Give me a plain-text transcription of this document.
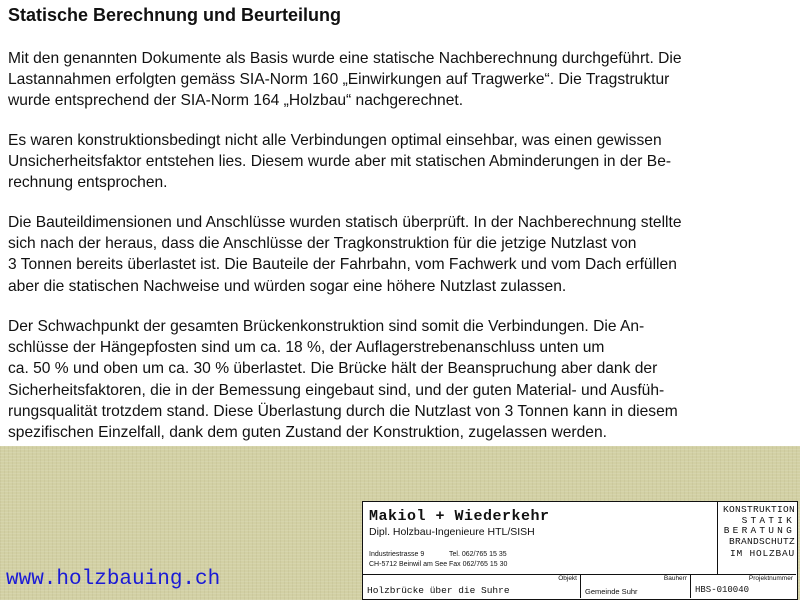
Statische Berechnung und Beurteilung

Mit den genannten Dokumente als Basis wurde eine statische Nachberechnung durchgeführt. Die
Lastannahmen erfolgten gemäss SIA-Norm 160 „Einwirkungen auf Tragwerke“. Die Tragstruktur
wurde entsprechend der SIA-Norm 164 „Holzbau“ nachgerechnet.

Es waren konstruktionsbedingt nicht alle Verbindungen optimal einsehbar, was einen gewissen
Unsicherheitsfaktor entstehen lies. Diesem wurde aber mit statischen Abminderungen in der Be-
rechnung entsprochen.

Die Bauteildimensionen und Anschlüsse wurden statisch überprüft. In der Nachberechnung stellte
sich nach der heraus, dass die Anschlüsse der Tragkonstruktion für die jetzige Nutzlast von
3 Tonnen bereits überlastet ist. Die Bauteile der Fahrbahn, vom Fachwerk und vom Dach erfüllen
aber die statischen Nachweise und würden sogar eine höhere Nutzlast zulassen.

Der Schwachpunkt der gesamten Brückenkonstruktion sind somit die Verbindungen. Die An-
schlüsse der Hängepfosten sind um ca. 18 %, der Auflagerstrebenanschluss unten um
ca. 50 % und oben um ca. 30 % überlastet. Die Brücke hält der Beanspruchung aber dank der
Sicherheitsfaktoren, die in der Bemessung eingebaut sind, und der guten Material- und Ausfüh-
rungsqualität trotzdem stand. Diese Überlastung durch die Nutzlast von 3 Tonnen kann in diesem
spezifischen Einzelfall, dank dem guten Zustand der Konstruktion, zugelassen werden.

www.holzbauing.ch
Makiol + Wiederkehr
Dipl. Holzbau-Ingenieure HTL/SISH
Industriestrasse 9
CH-5712 Beinwil am See
Tel. 062/765 15 35
Fax 062/765 15 30
KONSTRUKTION
STATIK
BERATUNG
BRANDSCHUTZ
IM HOLZBAU
Objekt
Holzbrücke über die Suhre
Bauherr
Gemeinde Suhr
Projektnummer
HBS-010040
